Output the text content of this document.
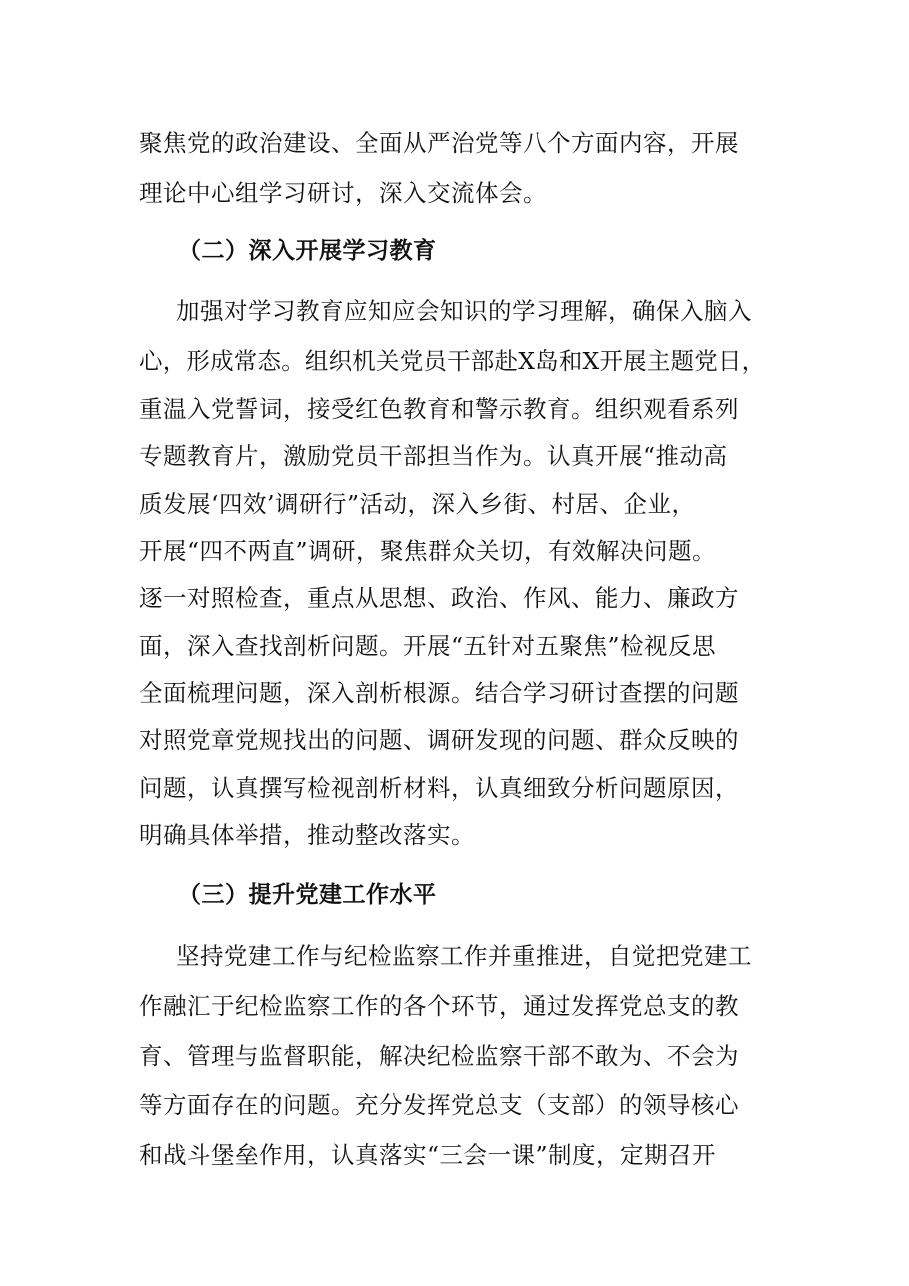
聚焦党的政治建设、全面从严治党等八个方面内容，开展
理论中心组学习研讨，深入交流体会。
（二）深入开展学习教育
加强对学习教育应知应会知识的学习理解，确保入脑入
心，形成常态。组织机关党员干部赴X岛和X开展主题党日，
重温入党誓词，接受红色教育和警示教育。组织观看系列
专题教育片，激励党员干部担当作为。认真开展“推动高
质发展‘四效’调研行”活动，深入乡街、村居、企业，
开展“四不两直”调研，聚焦群众关切，有效解决问题。
逐一对照检查，重点从思想、政治、作风、能力、廉政方
面，深入查找剖析问题。开展“五针对五聚焦”检视反思
全面梳理问题，深入剖析根源。结合学习研讨查摆的问题
对照党章党规找出的问题、调研发现的问题、群众反映的
问题，认真撰写检视剖析材料，认真细致分析问题原因，
明确具体举措，推动整改落实。
（三）提升党建工作水平
坚持党建工作与纪检监察工作并重推进，自觉把党建工
作融汇于纪检监察工作的各个环节，通过发挥党总支的教
育、管理与监督职能，解决纪检监察干部不敢为、不会为
等方面存在的问题。充分发挥党总支（支部）的领导核心
和战斗堡垒作用，认真落实“三会一课”制度，定期召开
